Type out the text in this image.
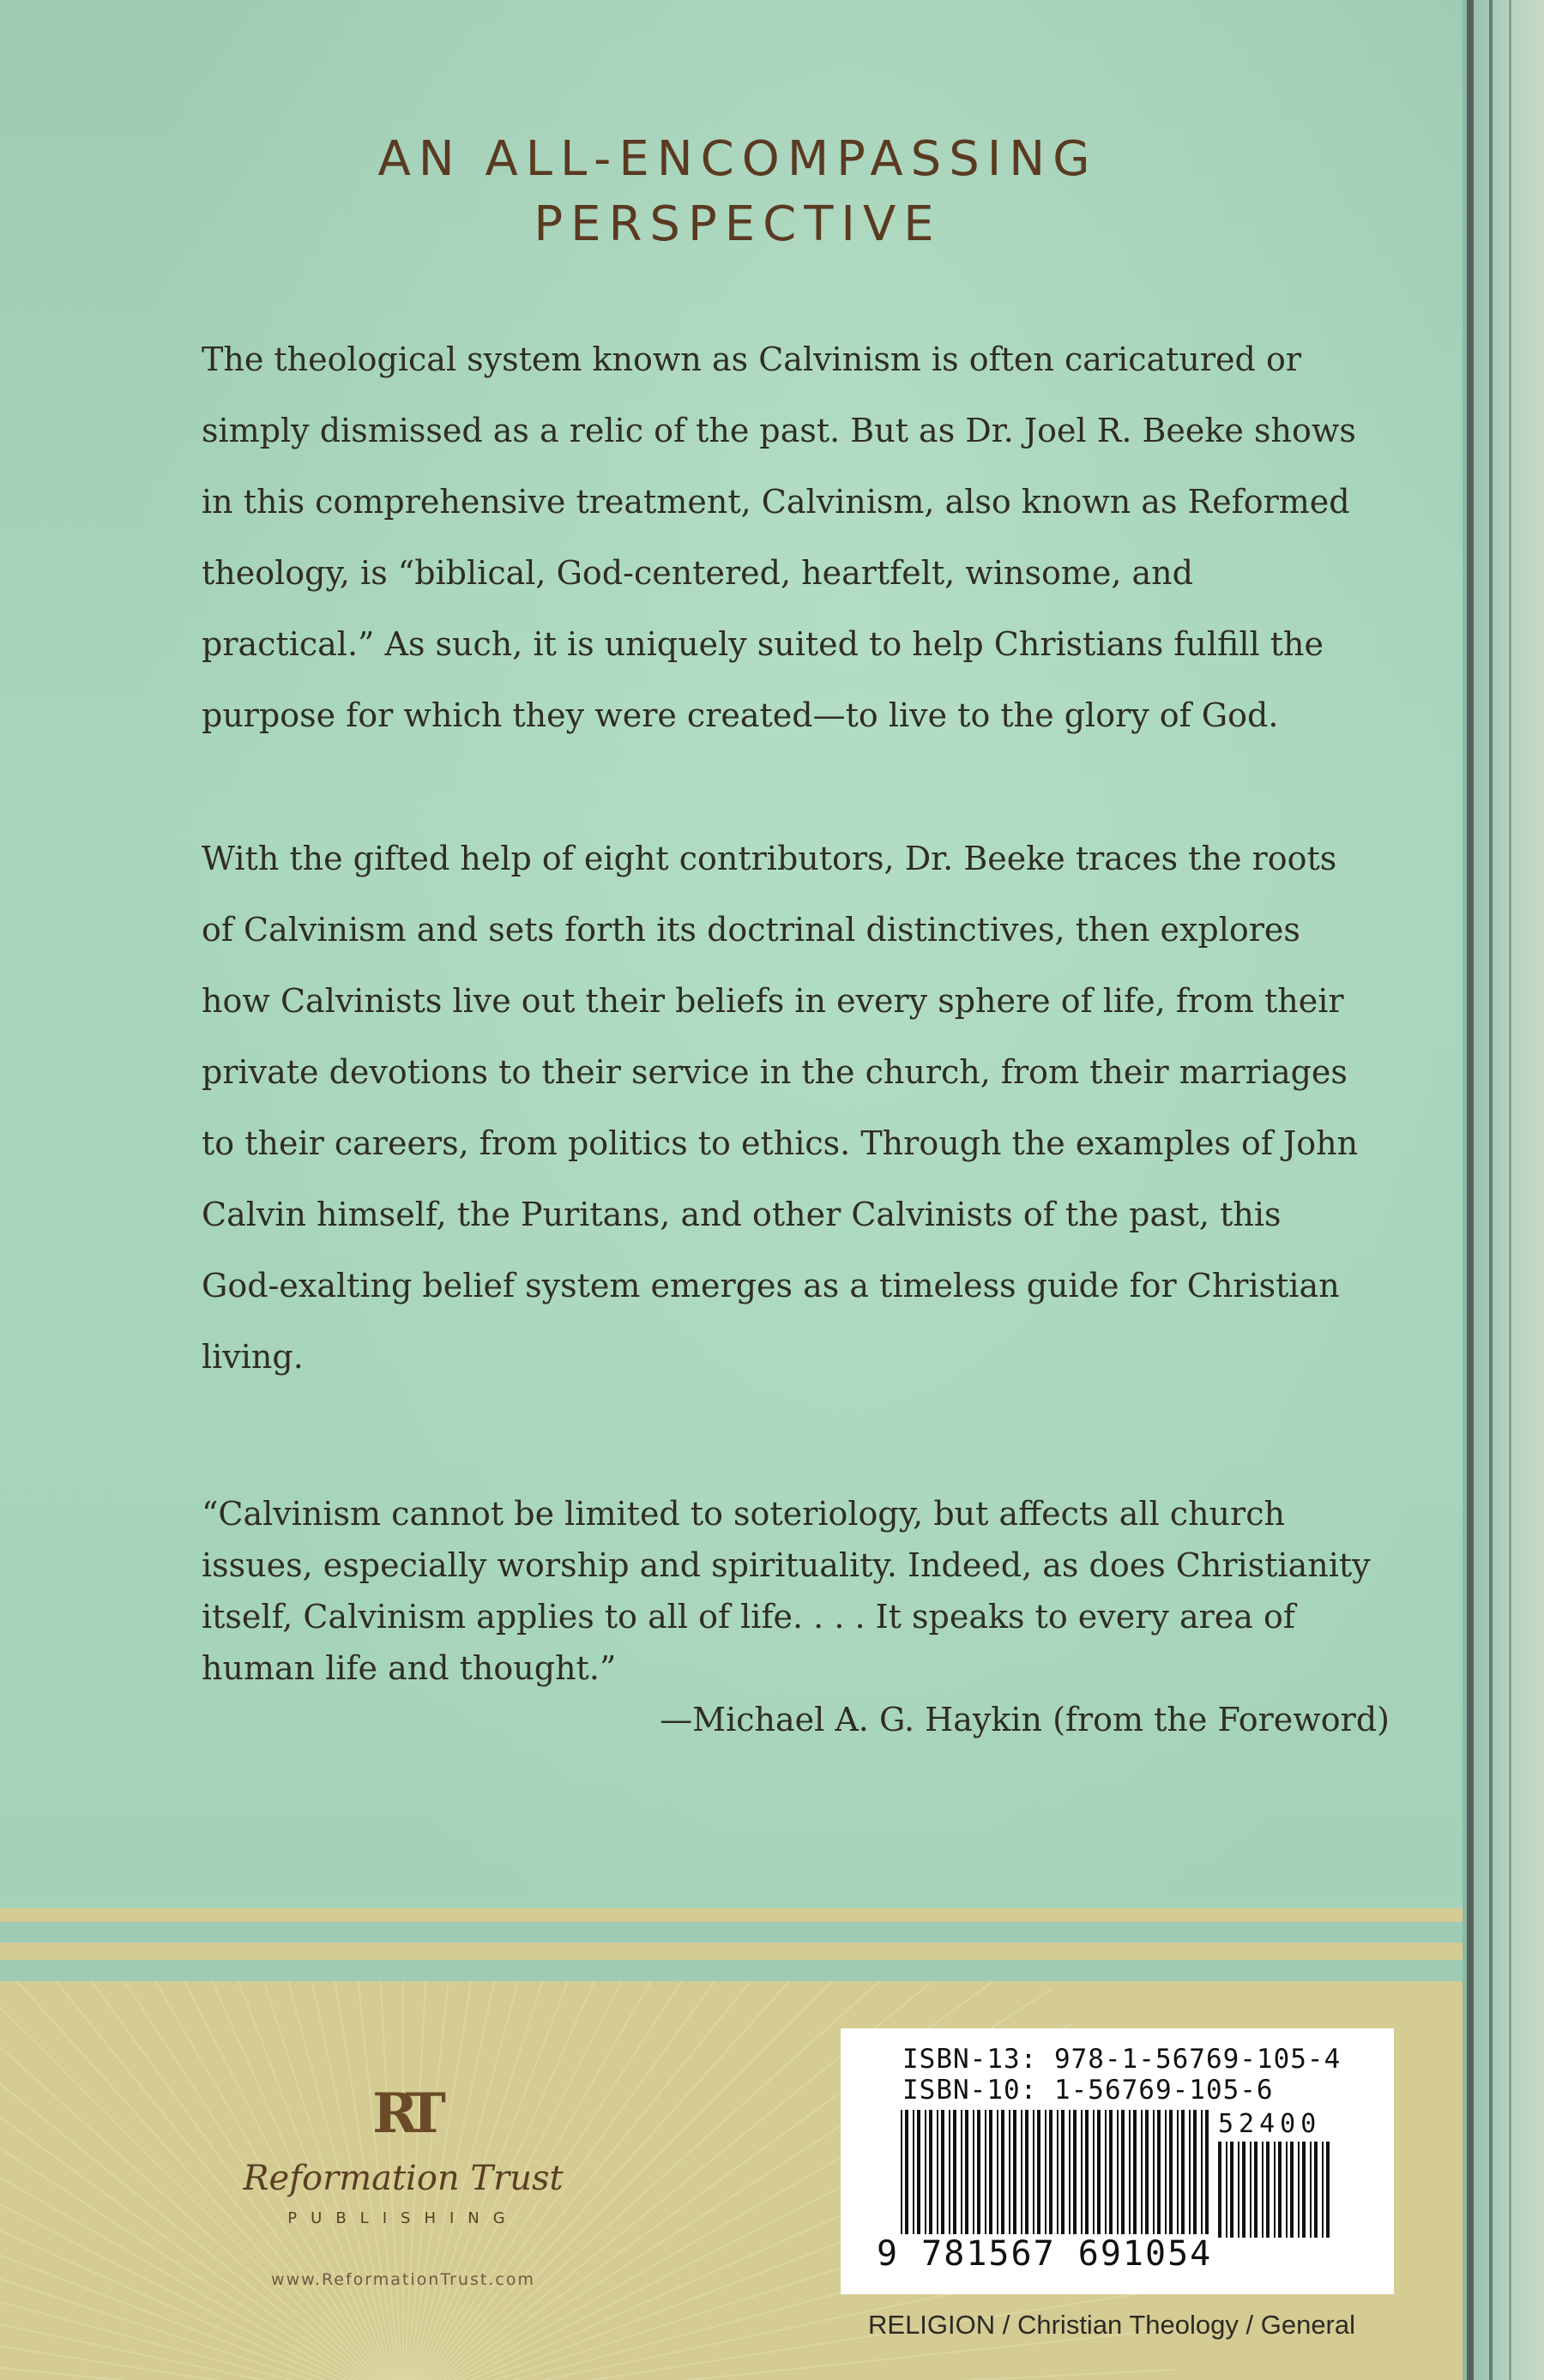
AN ALL-ENCOMPASSING
PERSPECTIVE

The theological system known as Calvinism is often caricatured or
simply dismissed as a relic of the past. But as Dr. Joel R. Beeke shows
in this comprehensive treatment, Calvinism, also known as Reformed
theology, is “biblical, God-centered, heartfelt, winsome, and
practical.” As such, it is uniquely suited to help Christians fulfill the
purpose for which they were created—to live to the glory of God.

With the gifted help of eight contributors, Dr. Beeke traces the roots
of Calvinism and sets forth its doctrinal distinctives, then explores
how Calvinists live out their beliefs in every sphere of life, from their
private devotions to their service in the church, from their marriages
to their careers, from politics to ethics. Through the examples of John
Calvin himself, the Puritans, and other Calvinists of the past, this
God-exalting belief system emerges as a timeless guide for Christian
living.

“Calvinism cannot be limited to soteriology, but affects all church
issues, especially worship and spirituality. Indeed, as does Christianity
itself, Calvinism applies to all of life. . . . It speaks to every area of
human life and thought.”
—Michael A. G. Haykin (from the Foreword)
RT
Reformation Trust
PUBLISHING
www.ReformationTrust.com
ISBN-13: 978-1-56769-105-4
ISBN-10: 1-56769-105-6
52400
9 781567 691054
RELIGION / Christian Theology / General
